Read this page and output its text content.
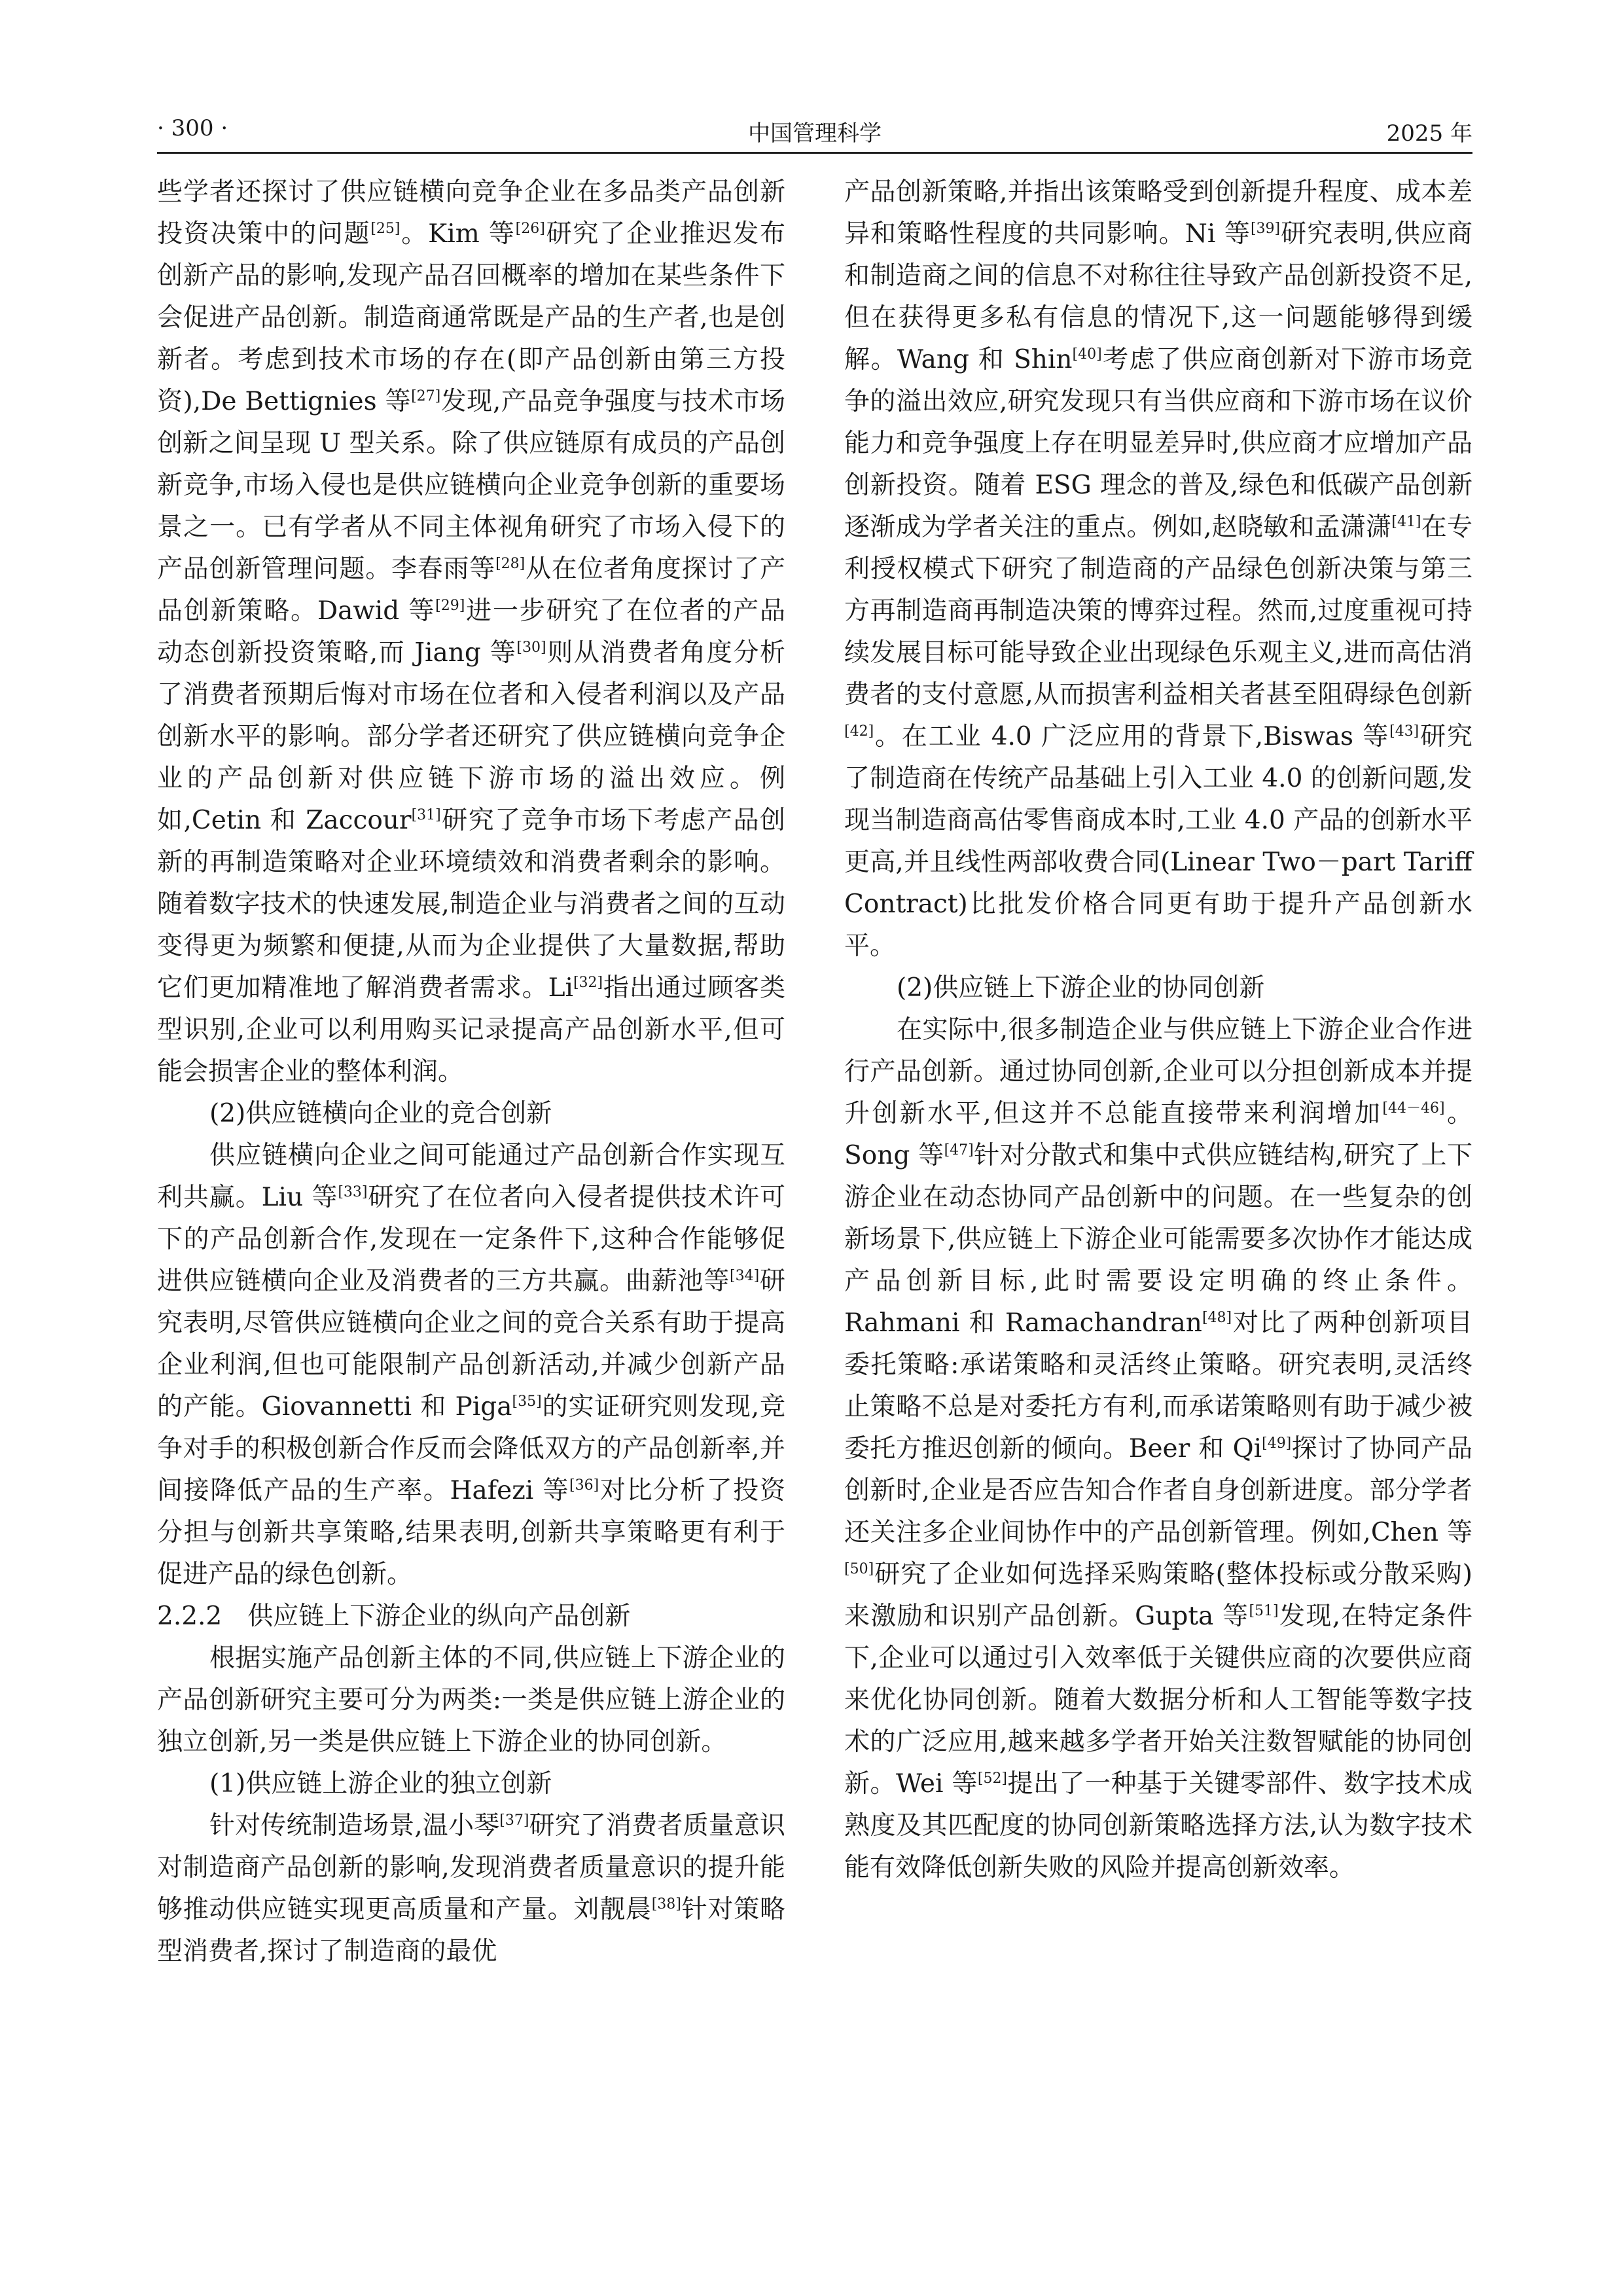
· 300 ·	中国管理科学	2025 年

些学者还探讨了供应链横向竞争企业在多品类产品创新投资决策中的问题[25]。Kim 等[26]研究了企业推迟发布创新产品的影响,发现产品召回概率的增加在某些条件下会促进产品创新。制造商通常既是产品的生产者,也是创新者。考虑到技术市场的存在(即产品创新由第三方投资),De Bettignies 等[27]发现,产品竞争强度与技术市场创新之间呈现 U 型关系。除了供应链原有成员的产品创新竞争,市场入侵也是供应链横向企业竞争创新的重要场景之一。已有学者从不同主体视角研究了市场入侵下的产品创新管理问题。李春雨等[28]从在位者角度探讨了产品创新策略。Dawid 等[29]进一步研究了在位者的产品动态创新投资策略,而 Jiang 等[30]则从消费者角度分析了消费者预期后悔对市场在位者和入侵者利润以及产品创新水平的影响。部分学者还研究了供应链横向竞争企业的产品创新对供应链下游市场的溢出效应。例如,Cetin 和 Zaccour[31]研究了竞争市场下考虑产品创新的再制造策略对企业环境绩效和消费者剩余的影响。随着数字技术的快速发展,制造企业与消费者之间的互动变得更为频繁和便捷,从而为企业提供了大量数据,帮助它们更加精准地了解消费者需求。Li[32]指出通过顾客类型识别,企业可以利用购买记录提高产品创新水平,但可能会损害企业的整体利润。

(2)供应链横向企业的竞合创新

供应链横向企业之间可能通过产品创新合作实现互利共赢。Liu 等[33]研究了在位者向入侵者提供技术许可下的产品创新合作,发现在一定条件下,这种合作能够促进供应链横向企业及消费者的三方共赢。曲薪池等[34]研究表明,尽管供应链横向企业之间的竞合关系有助于提高企业利润,但也可能限制产品创新活动,并减少创新产品的产能。Giovannetti 和 Piga[35]的实证研究则发现,竞争对手的积极创新合作反而会降低双方的产品创新率,并间接降低产品的生产率。Hafezi 等[36]对比分析了投资分担与创新共享策略,结果表明,创新共享策略更有利于促进产品的绿色创新。

2.2.2　供应链上下游企业的纵向产品创新

根据实施产品创新主体的不同,供应链上下游企业的产品创新研究主要可分为两类:一类是供应链上游企业的独立创新,另一类是供应链上下游企业的协同创新。

(1)供应链上游企业的独立创新

针对传统制造场景,温小琴[37]研究了消费者质量意识对制造商产品创新的影响,发现消费者质量意识的提升能够推动供应链实现更高质量和产量。刘靓晨[38]针对策略型消费者,探讨了制造商的最优

产品创新策略,并指出该策略受到创新提升程度、成本差异和策略性程度的共同影响。Ni 等[39]研究表明,供应商和制造商之间的信息不对称往往导致产品创新投资不足,但在获得更多私有信息的情况下,这一问题能够得到缓解。Wang 和 Shin[40]考虑了供应商创新对下游市场竞争的溢出效应,研究发现只有当供应商和下游市场在议价能力和竞争强度上存在明显差异时,供应商才应增加产品创新投资。随着 ESG 理念的普及,绿色和低碳产品创新逐渐成为学者关注的重点。例如,赵晓敏和孟潇潇[41]在专利授权模式下研究了制造商的产品绿色创新决策与第三方再制造商再制造决策的博弈过程。然而,过度重视可持续发展目标可能导致企业出现绿色乐观主义,进而高估消费者的支付意愿,从而损害利益相关者甚至阻碍绿色创新[42]。在工业 4.0 广泛应用的背景下,Biswas 等[43]研究了制造商在传统产品基础上引入工业 4.0 的创新问题,发现当制造商高估零售商成本时,工业 4.0 产品的创新水平更高,并且线性两部收费合同(Linear Two－part Tariff Contract)比批发价格合同更有助于提升产品创新水平。

(2)供应链上下游企业的协同创新

在实际中,很多制造企业与供应链上下游企业合作进行产品创新。通过协同创新,企业可以分担创新成本并提升创新水平,但这并不总能直接带来利润增加[44－46]。Song 等[47]针对分散式和集中式供应链结构,研究了上下游企业在动态协同产品创新中的问题。在一些复杂的创新场景下,供应链上下游企业可能需要多次协作才能达成产品创新目标,此时需要设定明确的终止条件。Rahmani 和 Ramachandran[48]对比了两种创新项目委托策略:承诺策略和灵活终止策略。研究表明,灵活终止策略不总是对委托方有利,而承诺策略则有助于减少被委托方推迟创新的倾向。Beer 和 Qi[49]探讨了协同产品创新时,企业是否应告知合作者自身创新进度。部分学者还关注多企业间协作中的产品创新管理。例如,Chen 等[50]研究了企业如何选择采购策略(整体投标或分散采购)来激励和识别产品创新。Gupta 等[51]发现,在特定条件下,企业可以通过引入效率低于关键供应商的次要供应商来优化协同创新。随着大数据分析和人工智能等数字技术的广泛应用,越来越多学者开始关注数智赋能的协同创新。Wei 等[52]提出了一种基于关键零部件、数字技术成熟度及其匹配度的协同创新策略选择方法,认为数字技术能有效降低创新失败的风险并提高创新效率。
